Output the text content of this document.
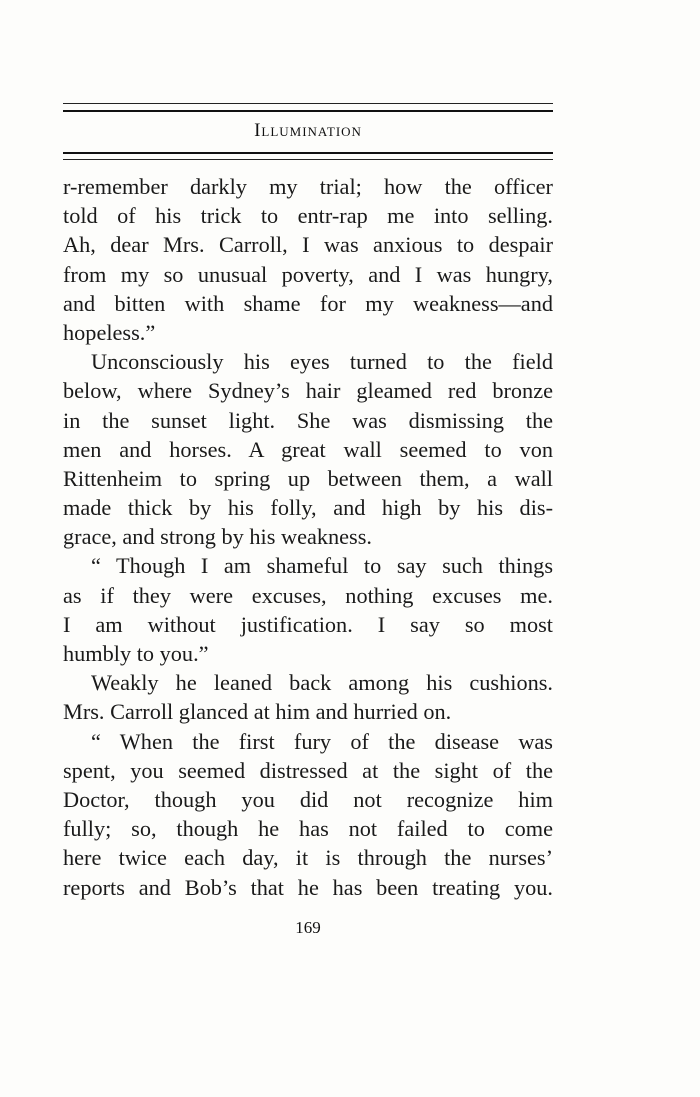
Illumination
r-remember darkly my trial; how the officer
told of his trick to entr-rap me into selling.
Ah, dear Mrs. Carroll, I was anxious to despair
from my so unusual poverty, and I was hungry,
and bitten with shame for my weakness—and
hopeless.”
Unconsciously his eyes turned to the field
below, where Sydney’s hair gleamed red bronze
in the sunset light. She was dismissing the
men and horses. A great wall seemed to von
Rittenheim to spring up between them, a wall
made thick by his folly, and high by his dis-
grace, and strong by his weakness.
“ Though I am shameful to say such things
as if they were excuses, nothing excuses me.
I am without justification. I say so most
humbly to you.”
Weakly he leaned back among his cushions.
Mrs. Carroll glanced at him and hurried on.
“ When the first fury of the disease was
spent, you seemed distressed at the sight of the
Doctor, though you did not recognize him
fully; so, though he has not failed to come
here twice each day, it is through the nurses’
reports and Bob’s that he has been treating you.
169
